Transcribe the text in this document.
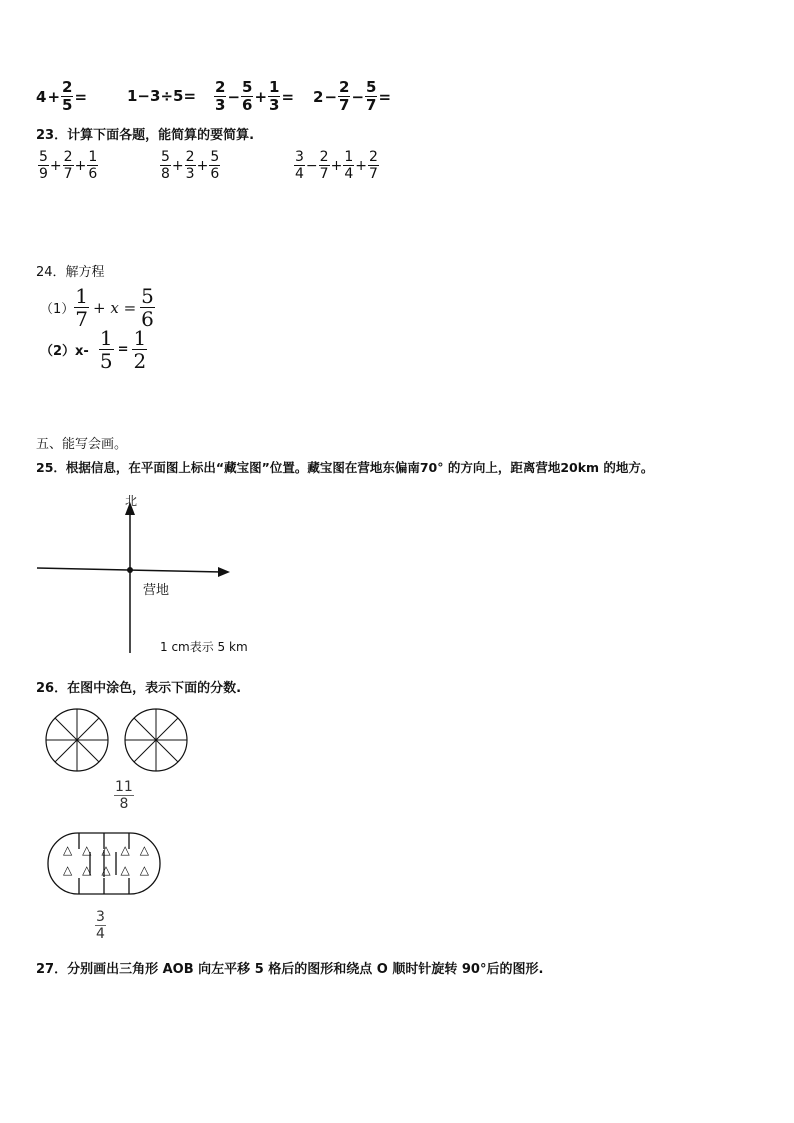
$4 + \frac{2}{5}$ =	$1-3\div 5= \frac{2}{3} - \frac{5}{6} + \frac{1}{3} = 2 - \frac{2}{7} - \frac{5}{7}$ =
23．计算下面各题，能简算的要简算.
$\frac{5}{9} + \frac{2}{7} + \frac{1}{6}$	$\frac{5}{8} + \frac{2}{3} + \frac{5}{6}$	$\frac{3}{4} - \frac{2}{7} + \frac{1}{4} + \frac{2}{7}$
24．解方程
$(1) \frac{1}{7} + x = \frac{5}{6}$
$(2)x- \frac{1}{5} = \frac{1}{2}$
五、能写会画。
25．根据信息，在平面图上标出“藏宝图”位置。藏宝图在营地东偏南70° 的方向上，距离营地20km 的地方。
北
营地
1 cm表示 5 km
26．在图中涂色，表示下面的分数.
$\frac{11}{8}$
△ △ △ △ △
△ △ △ △ △
$\frac{3}{4}$
27．分别画出三角形 AOB 向左平移 5 格后的图形和绕点 O 顺时针旋转 90°后的图形.
